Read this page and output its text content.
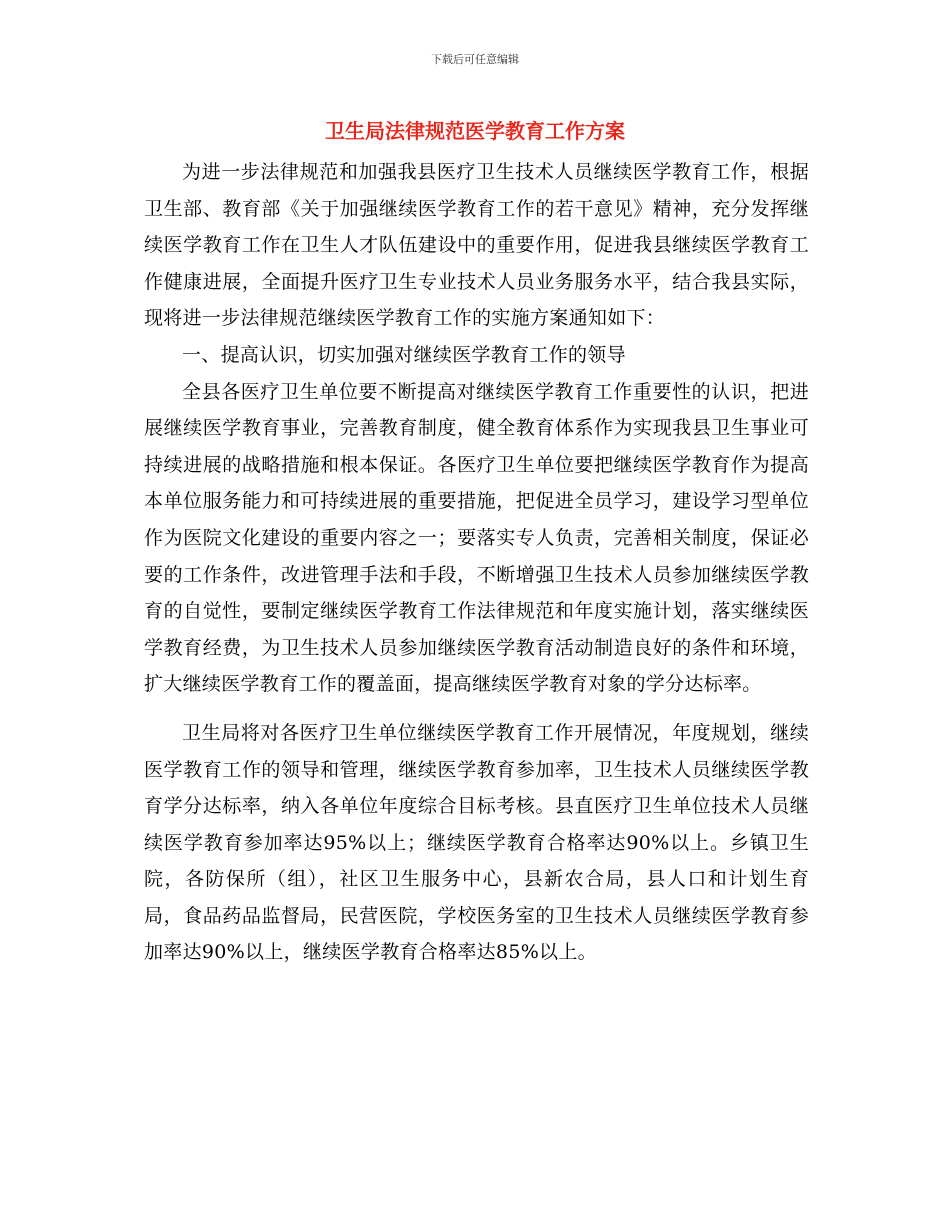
下载后可任意编辑
卫生局法律规范医学教育工作方案

为进一步法律规范和加强我县医疗卫生技术人员继续医学教育工作，根据卫生部、教育部《关于加强继续医学教育工作的若干意见》精神，充分发挥继续医学教育工作在卫生人才队伍建设中的重要作用，促进我县继续医学教育工作健康进展，全面提升医疗卫生专业技术人员业务服务水平，结合我县实际，现将进一步法律规范继续医学教育工作的实施方案通知如下：

一、提高认识，切实加强对继续医学教育工作的领导

全县各医疗卫生单位要不断提高对继续医学教育工作重要性的认识，把进展继续医学教育事业，完善教育制度，健全教育体系作为实现我县卫生事业可持续进展的战略措施和根本保证。各医疗卫生单位要把继续医学教育作为提高本单位服务能力和可持续进展的重要措施，把促进全员学习，建设学习型单位作为医院文化建设的重要内容之一；要落实专人负责，完善相关制度，保证必要的工作条件，改进管理手法和手段，不断增强卫生技术人员参加继续医学教育的自觉性，要制定继续医学教育工作法律规范和年度实施计划，落实继续医学教育经费，为卫生技术人员参加继续医学教育活动制造良好的条件和环境，扩大继续医学教育工作的覆盖面，提高继续医学教育对象的学分达标率。

卫生局将对各医疗卫生单位继续医学教育工作开展情况，年度规划，继续医学教育工作的领导和管理，继续医学教育参加率，卫生技术人员继续医学教育学分达标率，纳入各单位年度综合目标考核。县直医疗卫生单位技术人员继续医学教育参加率达95%以上；继续医学教育合格率达90%以上。乡镇卫生院，各防保所（组），社区卫生服务中心，县新农合局，县人口和计划生育局，食品药品监督局，民营医院，学校医务室的卫生技术人员继续医学教育参加率达90%以上，继续医学教育合格率达85%以上。
